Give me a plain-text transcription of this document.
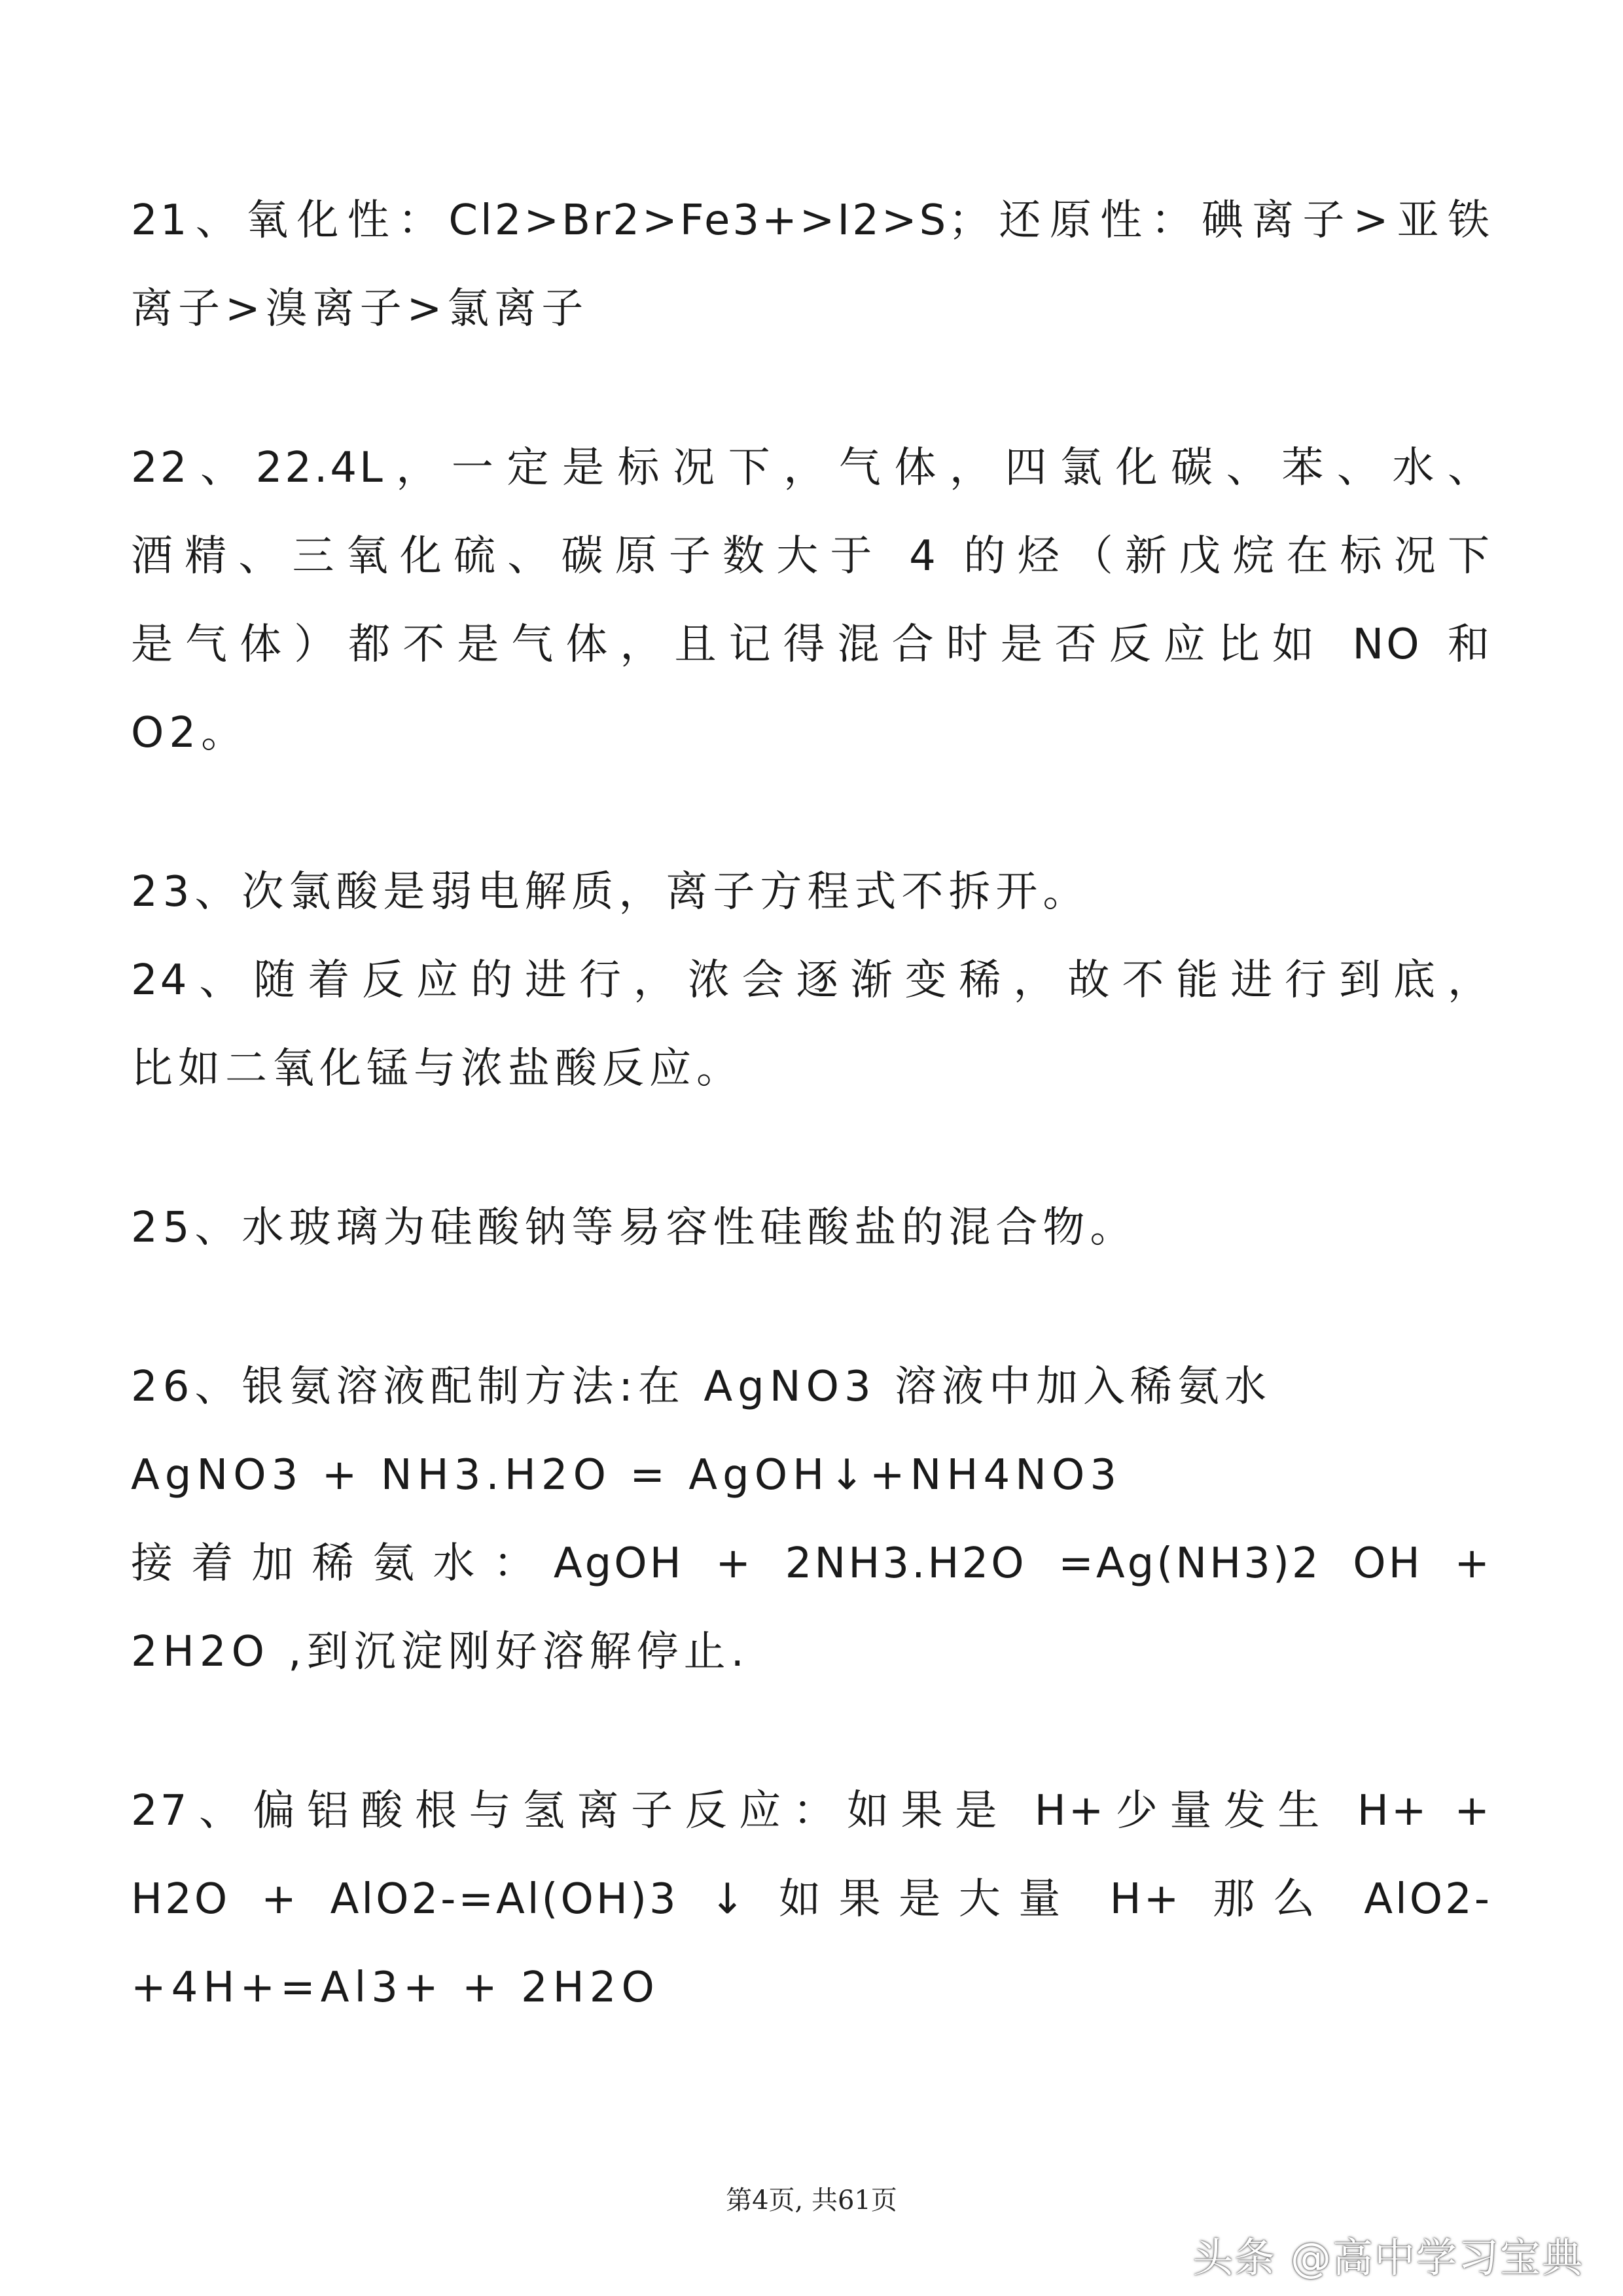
21、氧化性：Cl2>Br2>Fe3+>I2>S；还原性：碘离子>亚铁
离子>溴离子>氯离子
22、22.4L，一定是标况下，气体，四氯化碳、苯、水、
酒精、三氧化硫、碳原子数大于 4 的烃（新戊烷在标况下
是气体）都不是气体，且记得混合时是否反应比如 NO 和
O2。
23、次氯酸是弱电解质，离子方程式不拆开。
24、随着反应的进行，浓会逐渐变稀，故不能进行到底，
比如二氧化锰与浓盐酸反应。
25、水玻璃为硅酸钠等易容性硅酸盐的混合物。
26、银氨溶液配制方法:在 AgNO3 溶液中加入稀氨水
AgNO3 + NH3.H2O = AgOH↓+NH4NO3
接着加稀氨水：AgOH + 2NH3.H2O =Ag(NH3)2 OH +
2H2O ,到沉淀刚好溶解停止.
27、偏铝酸根与氢离子反应：如果是 H+少量发生 H+ +
H2O + AlO2-=Al(OH)3 ↓ 如果是大量 H+ 那么 AlO2-
+4H+=Al3+ + 2H2O
第4页, 共61页
头条 @高中学习宝典
